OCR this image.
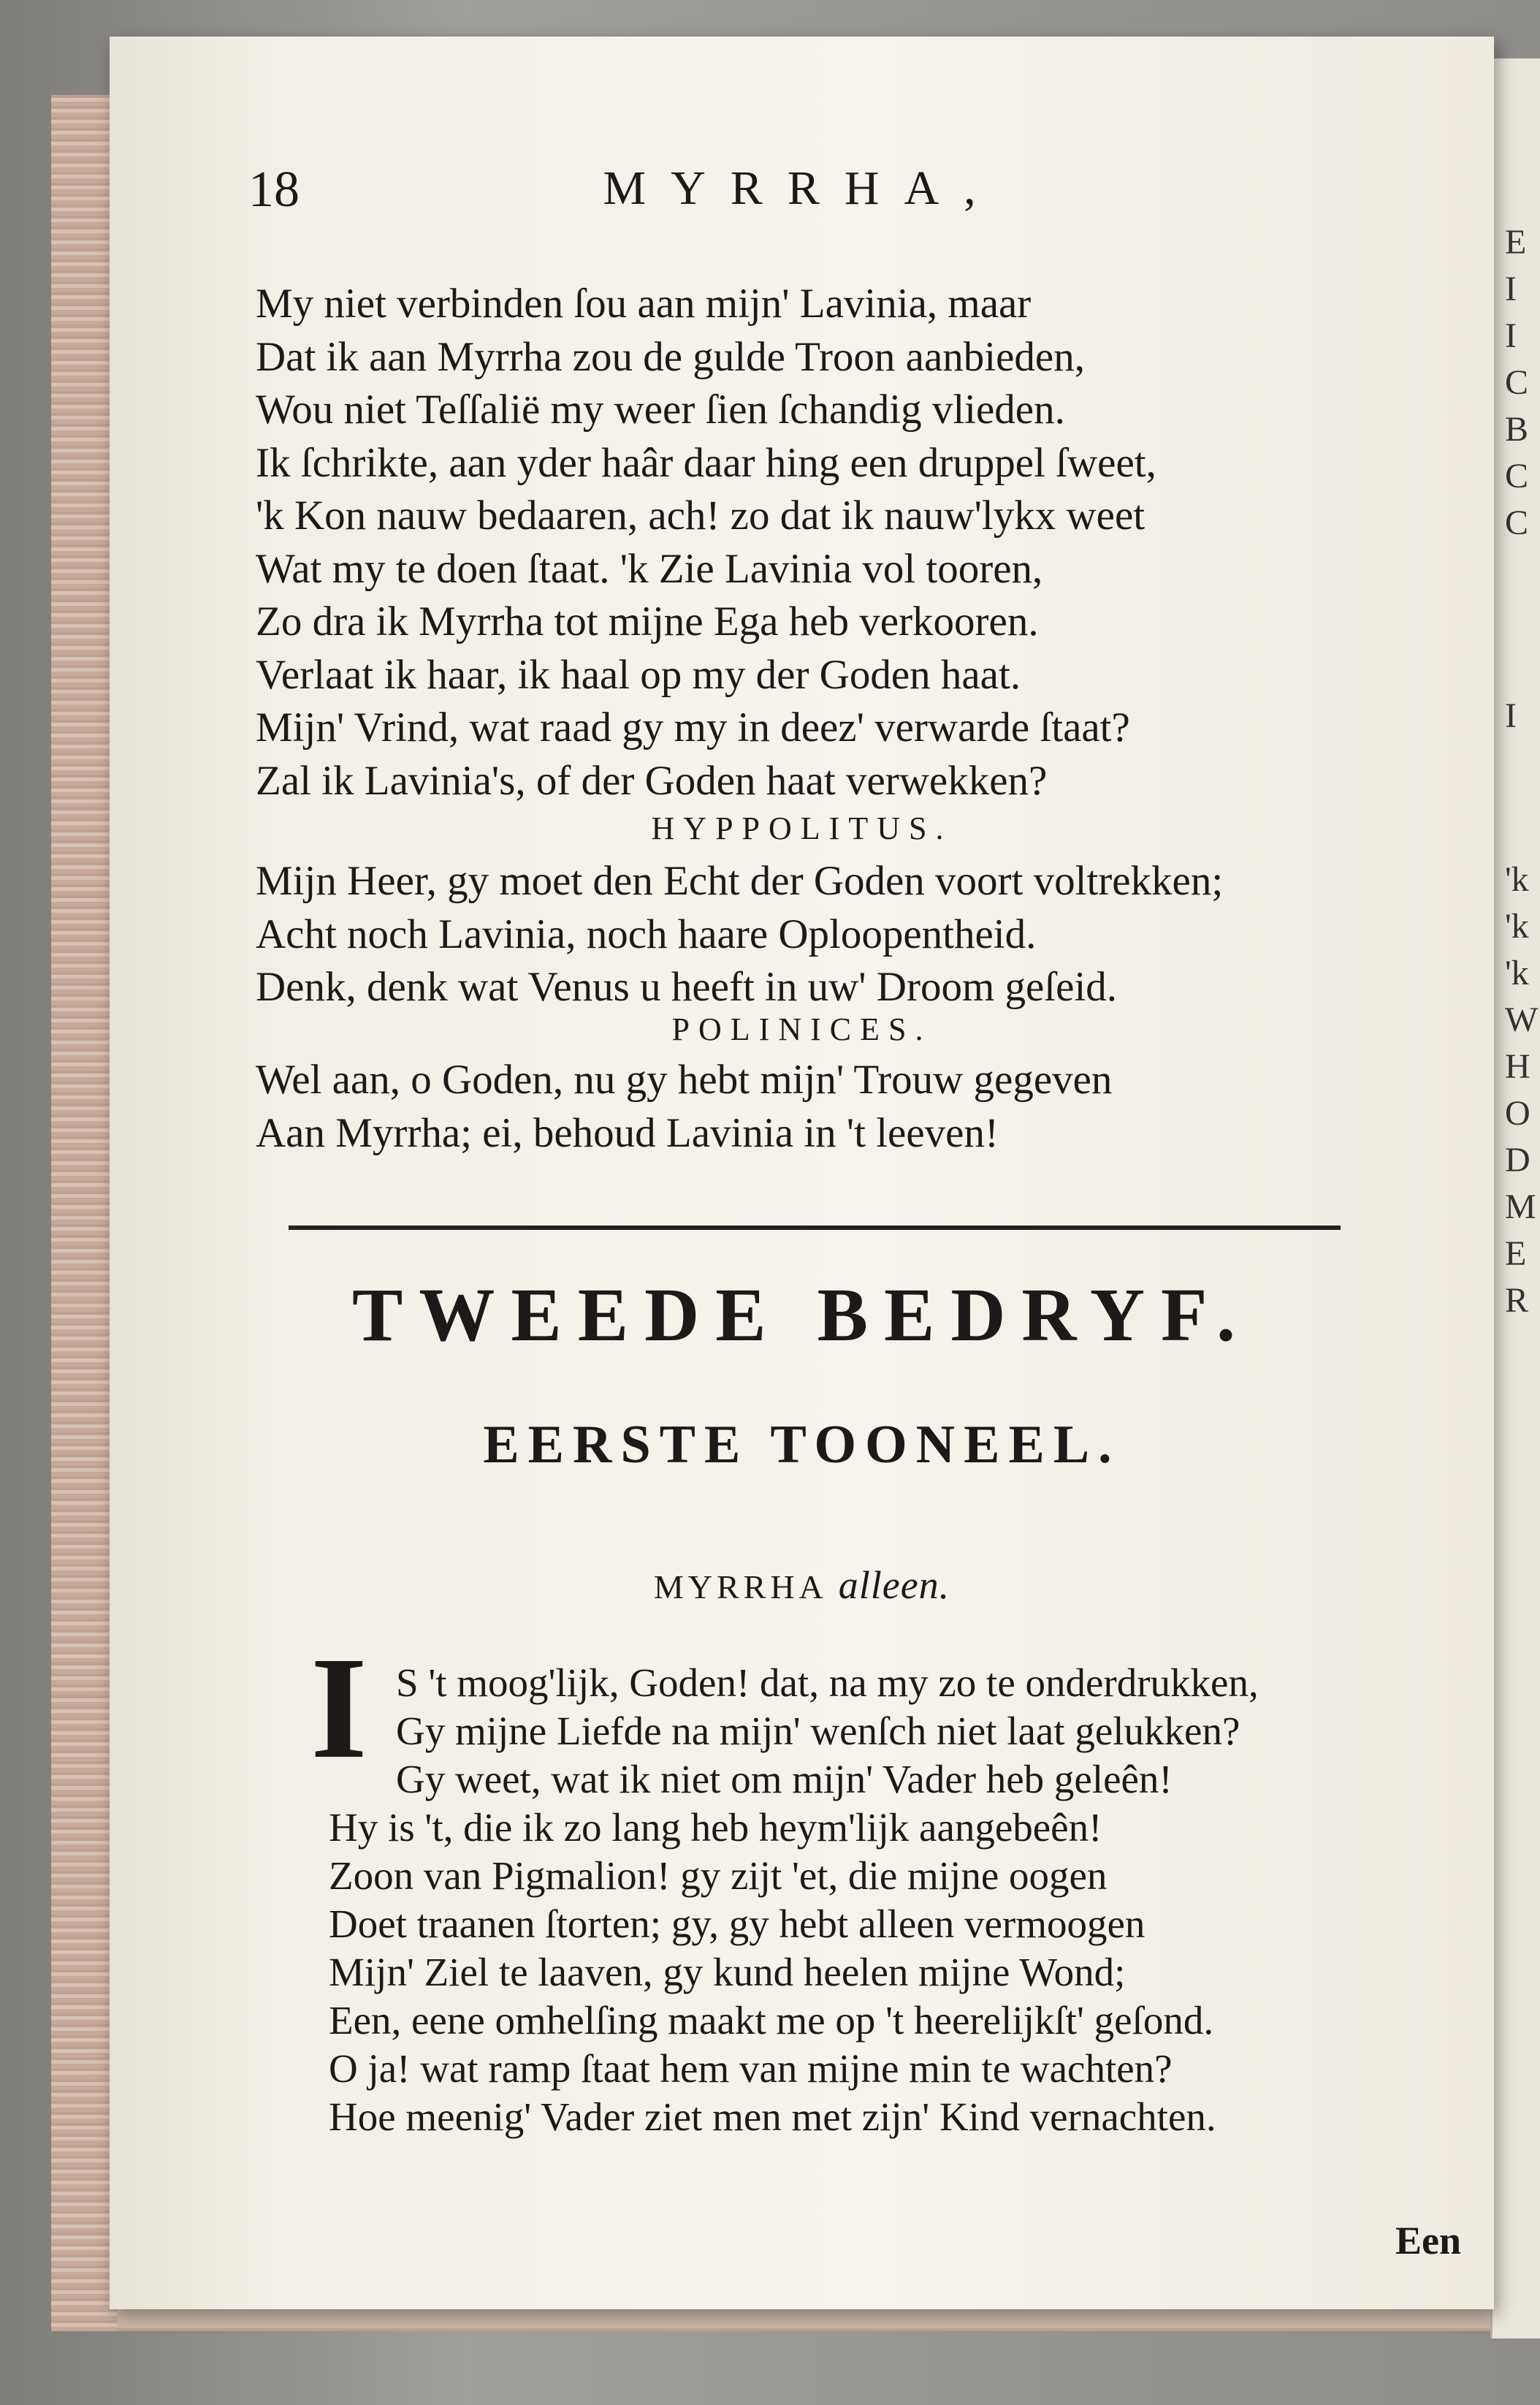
E
I
I
C
B
C
C
I
'k
'k
'k
W
H
O
D
M
E
R
18	MYRRHA,
My niet verbinden ſou aan mijn' Lavinia, maar
Dat ik aan Myrrha zou de gulde Troon aanbieden,
Wou niet Teſſalië my weer ſien ſchandig vlieden.
Ik ſchrikte, aan yder haâr daar hing een druppel ſweet,
'k Kon nauw bedaaren, ach! zo dat ik nauw'lykx weet
Wat my te doen ſtaat. 'k Zie Lavinia vol tooren,
Zo dra ik Myrrha tot mijne Ega heb verkooren.
Verlaat ik haar, ik haal op my der Goden haat.
Mijn' Vrind, wat raad gy my in deez' verwarde ſtaat?
Zal ik Lavinia's, of der Goden haat verwekken?
HYPPOLITUS.
Mijn Heer, gy moet den Echt der Goden voort voltrekken;
Acht noch Lavinia, noch haare Oploopentheid.
Denk, denk wat Venus u heeft in uw' Droom geſeid.
POLINICES.
Wel aan, o Goden, nu gy hebt mijn' Trouw gegeven
Aan Myrrha; ei, behoud Lavinia in 't leeven!
TWEEDE BEDRYF.
EERSTE TOONEEL.
MYRRHA alleen.
I S 't moog'lijk, Goden! dat, na my zo te onderdrukken,
Gy mijne Liefde na mijn' wenſch niet laat gelukken?
Gy weet, wat ik niet om mijn' Vader heb geleên!
Hy is 't, die ik zo lang heb heym'lijk aangebeên!
Zoon van Pigmalion! gy zijt 'et, die mijne oogen
Doet traanen ſtorten; gy, gy hebt alleen vermoogen
Mijn' Ziel te laaven, gy kund heelen mijne Wond;
Een, eene omhelſing maakt me op 't heerelijkſt' geſond.
O ja! wat ramp ſtaat hem van mijne min te wachten?
Hoe meenig' Vader ziet men met zijn' Kind vernachten.
Een
